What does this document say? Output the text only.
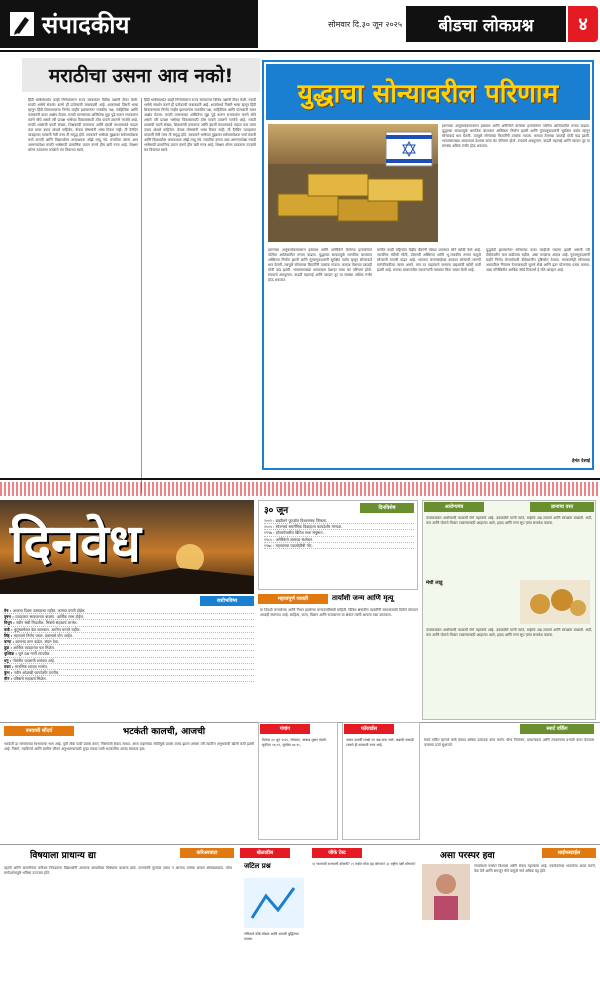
संपादकीय	सोमवार दि.३० जून २०२५	बीडचा लोकप्रश्न	४
मराठीचा उसना आव नको!
हिंदी भाषेसंदर्भात काही निर्णयांवरून राज्य सरकारवर विविध पक्षांनी टीका केली. मराठी भाषेचे संवर्धन करणे ही प्रत्येकाची जबाबदारी आहे. शाळांमध्ये तिसरी भाषा म्हणून हिंदी शिकवण्याचा निर्णय जाहीर झाल्यानंतर राजकीय पक्ष, साहित्यिक आणि पालकांनी यावर आक्षेप घेतला. मराठी माणसाच्या अस्मितेचा मुद्दा पुढे करून राजकारण करणे सोपे असले तरी प्रत्यक्ष भाषेच्या विकासासाठी ठोस पावले उचलणे गरजेचे आहे. मराठी शाळांची घटती संख्या, शिक्षकांची कमतरता आणि इंग्रजी माध्यमाकडे वाढता कल यावर उपाय शोधले पाहिजेत. केवळ घोषणांनी भाषा टिकत नाही; ती दैनंदिन व्यवहारात वापरली गेली तरच ती समृद्ध होते. सरकारने भाषेच्या मुद्द्यावर सर्वसमावेशक चर्चा करावी आणि विद्यार्थ्यांवर अनावश्यक ओझे लादू नये. मराठीचा उसना आव आणण्यापेक्षा मराठी भाषेसाठी प्रामाणिक प्रयत्न करणे हीच खरी गरज आहे. शिक्षण धोरण ठरवताना तज्ज्ञांचे मत विचारात घ्यावे.
हिंदी भाषेसंदर्भात काही निर्णयांवरून राज्य सरकारवर विविध पक्षांनी टीका केली. मराठी भाषेचे संवर्धन करणे ही प्रत्येकाची जबाबदारी आहे. शाळांमध्ये तिसरी भाषा म्हणून हिंदी शिकवण्याचा निर्णय जाहीर झाल्यानंतर राजकीय पक्ष, साहित्यिक आणि पालकांनी यावर आक्षेप घेतला. मराठी माणसाच्या अस्मितेचा मुद्दा पुढे करून राजकारण करणे सोपे असले तरी प्रत्यक्ष भाषेच्या विकासासाठी ठोस पावले उचलणे गरजेचे आहे. मराठी शाळांची घटती संख्या, शिक्षकांची कमतरता आणि इंग्रजी माध्यमाकडे वाढता कल यावर उपाय शोधले पाहिजेत. केवळ घोषणांनी भाषा टिकत नाही; ती दैनंदिन व्यवहारात वापरली गेली तरच ती समृद्ध होते. सरकारने भाषेच्या मुद्द्यावर सर्वसमावेशक चर्चा करावी आणि विद्यार्थ्यांवर अनावश्यक ओझे लादू नये. मराठीचा उसना आव आणण्यापेक्षा मराठी भाषेसाठी प्रामाणिक प्रयत्न करणे हीच खरी गरज आहे. शिक्षण धोरण ठरवताना तज्ज्ञांचे मत विचारात घ्यावे.
युद्धाचा सोन्यावरील परिणाम
इराणच्या अणुकार्यक्रमावरून इस्रायल आणि अमेरिकेने केलेल्या हल्ल्यांनंतर पश्चिम आशियातील तणाव वाढला. युद्धाच्या सावटामुळे जागतिक बाजारात अस्थिरता निर्माण झाली आणि गुंतवणूकदारांनी सुरक्षित पर्याय म्हणून सोन्याकडे धाव घेतली. त्यामुळे सोन्याच्या किमतींनी उच्चांक गाठला. कच्च्या तेलाच्या दरातही मोठी वाढ झाली. भारतासारख्या आयातदार देशावर याचा थेट परिणाम होतो. रुपयाचे अवमूल्यन, वाढती महागाई आणि व्यापार तूट या समस्या अधिक गंभीर होऊ शकतात.
इराणच्या अणुकार्यक्रमावरून इस्रायल आणि अमेरिकेने केलेल्या हल्ल्यांनंतर पश्चिम आशियातील तणाव वाढला. युद्धाच्या सावटामुळे जागतिक बाजारात अस्थिरता निर्माण झाली आणि गुंतवणूकदारांनी सुरक्षित पर्याय म्हणून सोन्याकडे धाव घेतली. त्यामुळे सोन्याच्या किमतींनी उच्चांक गाठला. कच्च्या तेलाच्या दरातही मोठी वाढ झाली. भारतासारख्या आयातदार देशावर याचा थेट परिणाम होतो. रुपयाचे अवमूल्यन, वाढती महागाई आणि व्यापार तूट या समस्या अधिक गंभीर होऊ शकतात.
मागील काही महिन्यांत केंद्रीय बँकांनी मोठ्या प्रमाणात सोने खरेदी केले आहे. जागतिक मंदीची भीती, डॉलरची अस्थिरता आणि भू-राजकीय तणाव यामुळे सोन्याची मागणी वाढत आहे. भारतात लग्नसराईच्या काळात सोन्याची मागणी पारंपरिकरीत्या जास्त असते. मात्र दर वाढल्याने सामान्य ग्राहकांची खरेदी कमी झाली आहे. सराफा बाजारातील व्यापाऱ्यांनी याबाबत चिंता व्यक्त केली आहे.
युद्धबंदी झाल्यानंतर सोन्याच्या दरात काहीशी घसरण झाली असली तरी दीर्घकालीन कल वाढीचाच राहील, असा तज्ज्ञांचा अंदाज आहे. गुंतवणूकदारांनी घाईने निर्णय घेण्याऐवजी दीर्घकालीन दृष्टिकोन ठेवावा. सरकारनेही सोन्याच्या आयातीवर नियंत्रण ठेवण्यासाठी सुवर्ण रोखे आणि इतर योजनांचा प्रसार करावा. अशा परिस्थितीत आर्थिक स्थैर्य टिकवणे हे मोठे आव्हान आहे.
हेमंत देसाई
दिनवेध
राशीभविष्य
मेष : आजचा दिवस उत्साहाचा राहील. कामात प्रगती होईल.
वृषभ : व्यवहारात सावधानता बाळगा. आर्थिक लाभ होईल.
मिथुन : नवीन संधी मिळतील. मित्रांचे सहकार्य लाभेल.
कर्क : कुटुंबासोबत वेळ घालवाल. आरोग्य चांगले राहील.
सिंह : महत्त्वाचे निर्णय घ्याल. प्रवासाचे योग आहेत.
कन्या : कामाचा ताण वाढेल. संयम ठेवा.
तूळ : आर्थिक व्यवहारात यश मिळेल.
वृश्चिक : जुने प्रश्न मार्गी लागतील.
धनु : नोकरीत बदलाची शक्यता आहे.
मकर : मानसिक शांतता लाभेल.
कुंभ : नवीन ओळखी फायदेशीर ठरतील.
मीन : वरिष्ठांचे सहकार्य मिळेल.
३० जून	दिनविशेष
२००२ : ब्राझीलने फुटबॉल विश्वचषक जिंकला.
२००५ : स्पेनमध्ये समलैंगिक विवाहाला कायदेशीर मान्यता.
१९९७ : हाँगकाँगवरील ब्रिटिश सत्ता संपुष्टात.
१९८५ : अमेरिकेचे अंतराळ संशोधन.
१९७८ : महत्त्वाच्या घडामोडींची नोंद.
महत्त्वपूर्ण व्यक्ती	तार्यांशी जन्म आणि मृत्यू
या दिवशी जन्मलेल्या आणि निधन झालेल्या मान्यवरांविषयी माहिती. विविध क्षेत्रांतील व्यक्तींनी समाजासाठी दिलेले योगदान आजही स्मरणात आहे. साहित्य, कला, विज्ञान आणि राजकारण या क्षेत्रांत त्यांनी आपला ठसा उमटवला.
आरोग्यमंत्र	ज्ञानाचा वसा
पावसाळ्यात आरोग्याची काळजी घेणे महत्त्वाचे आहे. उकळलेले पाणी प्यावे, बाहेरचे अन्न टाळावे आणि स्वच्छता राखावी. सर्दी, ताप आणि पोटाचे विकार टाळण्यासाठी आहारात आले, हळद आणि गरम सूप यांचा समावेश करावा.
मेथी लाडू
पावसाळ्यात आरोग्याची काळजी घेणे महत्त्वाचे आहे. उकळलेले पाणी प्यावे, बाहेरचे अन्न टाळावे आणि स्वच्छता राखावी. सर्दी, ताप आणि पोटाचे विकार टाळण्यासाठी आहारात आले, हळद आणि गरम सूप यांचा समावेश करावा.
वनवासी सौंदर्य	भटकंती कालची, आजची
भटकंती हा माणसाच्या स्वभावाचा भाग आहे. पूर्वी लोक पायी प्रवास करत, निसर्गाशी संवाद साधत. आज वाहनांच्या सोयीमुळे प्रवास जलद झाला असला तरी त्यातील अनुभवाची खोली कमी झाली आहे. निसर्ग, गडकिल्ले आणि ग्रामीण जीवन अनुभवण्यासाठी पुन्हा एकदा पायी भटकंतीचा आनंद घ्यायला हवा.
पंचांग
दिनांक ३० जून २०२५, सोमवार, आषाढ शुक्ल पंचमी. सूर्योदय ०६:०२, सूर्यास्त ०७:१५.
फॉरवर्डस
जगात दरवर्षी लाखो टन अन्न वाया जाते. अन्नाची नासाडी टाळणे ही काळाची गरज आहे.
स्मार्ट वर्किंग
स्मार्ट वर्किंग म्हणजे कमी वेळात अधिक उत्पादक काम करणे. योग्य नियोजन, प्राधान्यक्रम आणि तंत्रज्ञानाचा प्रभावी वापर केल्यास कामाचा दर्जा सुधारतो.
विषयाला प्राधान्य द्या	करिअरवाटा
दहावी आणि बारावीनंतर करिअर निवडताना विद्यार्थ्यांनी आपल्या आवडीच्या विषयाला प्राधान्य द्यावे. पालकांनी मुलांवर दबाव न आणता त्यांच्या क्षमता ओळखाव्यात. योग्य मार्गदर्शनामुळे भविष्य उज्ज्वल होते.
खेळाडीस
जटिल प्रश्न
गणिताचे कोडे सोडवा आणि आपली बुद्धिमत्ता तपासा.
जीके टेस्ट
१) भारताची राजधानी कोणती? २) सर्वात मोठा ग्रह कोणता? ३) राष्ट्रीय पक्षी कोणता?
असा परस्पर हवा	लाईफस्टाईल
नात्यांमध्ये परस्पर विश्वास आणि संवाद महत्त्वाचा आहे. एकमेकांच्या भावनांचा आदर करणे, वेळ देणे आणि समजून घेणे यामुळे नाते अधिक घट्ट होते.
